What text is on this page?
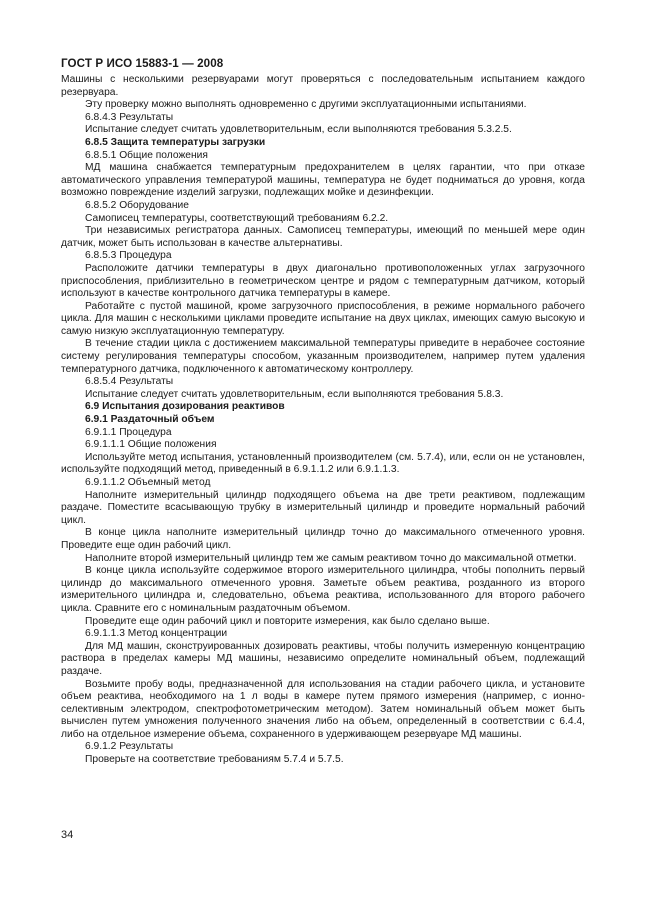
ГОСТ Р ИСО 15883-1 — 2008

Машины с несколькими резервуарами могут проверяться с последовательным испытанием каждого резервуара.

Эту проверку можно выполнять одновременно с другими эксплуатационными испытаниями.

6.8.4.3 Результаты

Испытание следует считать удовлетворительным, если выполняются требования 5.3.2.5.

6.8.5 Защита температуры загрузки

6.8.5.1 Общие положения

МД машина снабжается температурным предохранителем в целях гарантии, что при отказе автоматического управления температурой машины, температура не будет подниматься до уровня, когда возможно повреждение изделий загрузки, подлежащих мойке и дезинфекции.

6.8.5.2 Оборудование

Самописец температуры, соответствующий требованиям 6.2.2.

Три независимых регистратора данных. Самописец температуры, имеющий по меньшей мере один датчик, может быть использован в качестве альтернативы.

6.8.5.3 Процедура

Расположите датчики температуры в двух диагонально противоположенных углах загрузочного приспособления, приблизительно в геометрическом центре и рядом с температурным датчиком, который используют в качестве контрольного датчика температуры в камере.

Работайте с пустой машиной, кроме загрузочного приспособления, в режиме нормального рабочего цикла. Для машин с несколькими циклами проведите испытание на двух циклах, имеющих самую высокую и самую низкую эксплуатационную температуру.

В течение стадии цикла с достижением максимальной температуры приведите в нерабочее состояние систему регулирования температуры способом, указанным производителем, например путем удаления температурного датчика, подключенного к автоматическому контроллеру.

6.8.5.4 Результаты

Испытание следует считать удовлетворительным, если выполняются требования 5.8.3.

6.9 Испытания дозирования реактивов

6.9.1 Раздаточный объем

6.9.1.1 Процедура

6.9.1.1.1 Общие положения

Используйте метод испытания, установленный производителем (см. 5.7.4), или, если он не установлен, используйте подходящий метод, приведенный в 6.9.1.1.2 или 6.9.1.1.3.

6.9.1.1.2 Объемный метод

Наполните измерительный цилиндр подходящего объема на две трети реактивом, подлежащим раздаче. Поместите всасывающую трубку в измерительный цилиндр и проведите нормальный рабочий цикл.

В конце цикла наполните измерительный цилиндр точно до максимального отмеченного уровня. Проведите еще один рабочий цикл.

Наполните второй измерительный цилиндр тем же самым реактивом точно до максимальной отметки.

В конце цикла используйте содержимое второго измерительного цилиндра, чтобы пополнить первый цилиндр до максимального отмеченного уровня. Заметьте объем реактива, розданного из второго измерительного цилиндра и, следовательно, объема реактива, использованного для второго рабочего цикла. Сравните его с номинальным раздаточным объемом.

Проведите еще один рабочий цикл и повторите измерения, как было сделано выше.

6.9.1.1.3 Метод концентрации

Для МД машин, сконструированных дозировать реактивы, чтобы получить измеренную концентрацию раствора в пределах камеры МД машины, независимо определите номинальный объем, подлежащий раздаче.

Возьмите пробу воды, предназначенной для использования на стадии рабочего цикла, и установите объем реактива, необходимого на 1 л воды в камере путем прямого измерения (например, с ионно-селективным электродом, спектрофотометрическим методом). Затем номинальный объем может быть вычислен путем умножения полученного значения либо на объем, определенный в соответствии с 6.4.4, либо на отдельное измерение объема, сохраненного в удерживающем резервуаре МД машины.

6.9.1.2 Результаты

Проверьте на соответствие требованиям 5.7.4 и 5.7.5.

34
